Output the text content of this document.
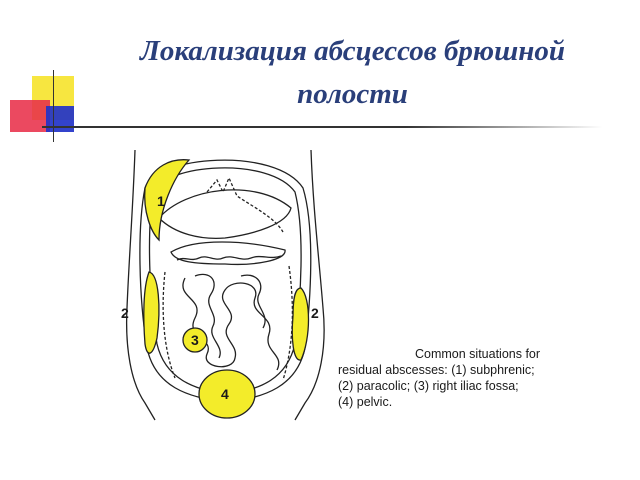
Локализация абсцессов брюшной
полости
1
2	2
3
4
Common situations for
residual abscesses: (1) subphrenic;
(2) paracolic; (3) right iliac fossa;
(4) pelvic.
